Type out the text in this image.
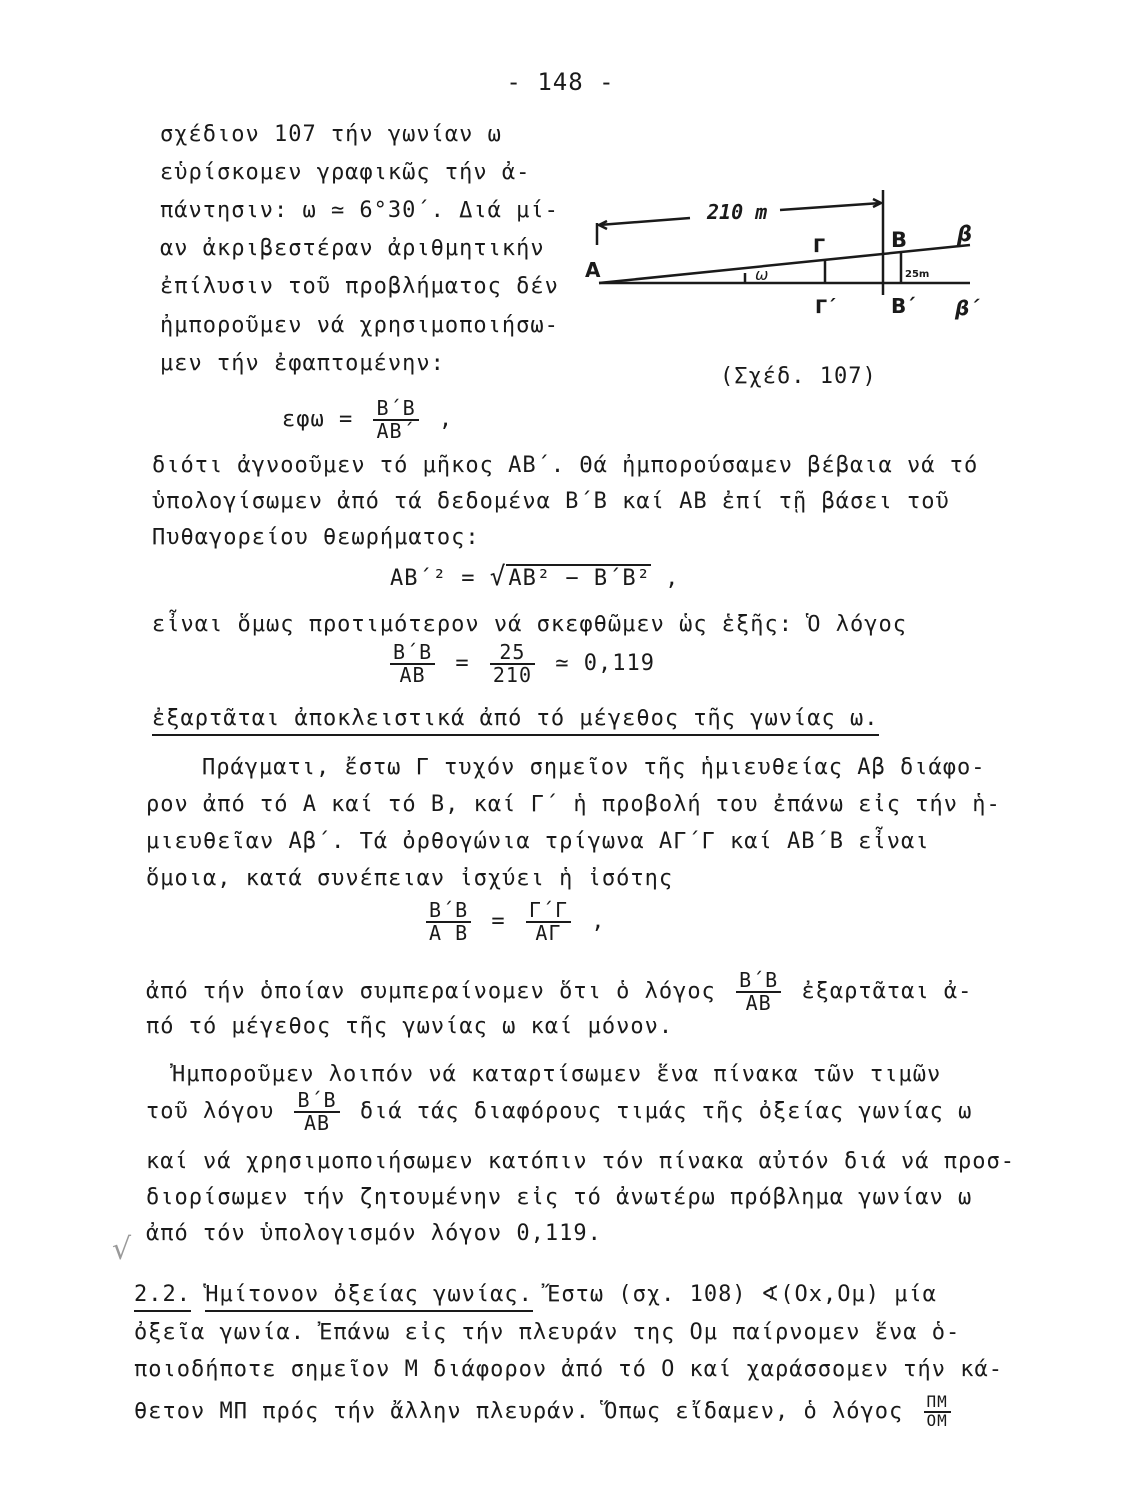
- 148 -
σχέδιον 107 τήν γωνίαν ω
εὑρίσκομεν γραφικῶς τήν ἀ-
πάντησιν: ω ≃ 6°30΄. Διά μί-
αν ἀκριβεστέραν ἀριθμητικήν
ἐπίλυσιν τοῦ προβλήματος δέν
ἠμποροῦμεν νά χρησιμοποιήσω-
μεν τήν ἐφαπτομένην:
210 m
A
Γ	B β
ω	25m
Γ΄	B΄ β΄
(Σχέδ. 107)
$\varepsilon\varphi\omega = \frac{B΄B}{AB΄}$ ,
διότι ἀγνοοῦμεν τό μῆκος AB΄. Θά ἠμπορούσαμεν βέβαια νά τό
ὑπολογίσωμεν ἀπό τά δεδομένα B΄B καί AB ἐπί τῇ βάσει τοῦ
Πυθαγορείου θεωρήματος:
AB΄² = √AB² − B΄B² ,
εἶναι ὅμως προτιμότερον νά σκεφθῶμεν ὡς ἑξῆς: Ὁ λόγος
$\frac{B΄B}{AB} = \frac{25}{210}$ ≃ 0,119
ἐξαρτᾶται ἀποκλειστικά ἀπό τό μέγεθος τῆς γωνίας ω.
Πράγματι, ἔστω Γ τυχόν σημεῖον τῆς ἡμιευθείας Aβ διάφο-
ρον ἀπό τό A καί τό B, καί Γ΄ ἡ προβολή του ἐπάνω εἰς τήν ἡ-
μιευθεῖαν Aβ΄. Τά ὀρθογώνια τρίγωνα AΓ΄Γ καί AB΄B εἶναι
ὅμοια, κατά συνέπειαν ἰσχύει ἡ ἰσότης
$\frac{B΄B}{\text{A B}} = \frac{\Gamma΄\Gamma}{A\Gamma}$ ,
ἀπό τήν ὁποίαν συμπεραίνομεν ὅτι ὁ λόγος $\frac{B΄B}{AB}$ ἐξαρτᾶται ἀ-
πό τό μέγεθος τῆς γωνίας ω καί μόνον.
Ἠμποροῦμεν λοιπόν νά καταρτίσωμεν ἕνα πίνακα τῶν τιμῶν
τοῦ λόγου $\frac{B΄B}{AB}$ διά τάς διαφόρους τιμάς τῆς ὀξείας γωνίας ω
καί νά χρησιμοποιήσωμεν κατόπιν τόν πίνακα αὐτόν διά νά προσ-
διορίσωμεν τήν ζητουμένην εἰς τό ἀνωτέρω πρόβλημα γωνίαν ω
ἀπό τόν ὑπολογισμόν λόγον 0,119.
2.2. Ἡμίτονον ὀξείας γωνίας. Ἔστω (σχ. 108) ∢(Ox,Oμ) μία
ὀξεῖα γωνία. Ἐπάνω εἰς τήν πλευράν της Oμ παίρνομεν ἕνα ὁ-
ποιοδήποτε σημεῖον M διάφορον ἀπό τό O καί χαράσσομεν τήν κά-
θετον MΠ πρός τήν ἄλλην πλευράν. Ὅπως εἴδαμεν, ὁ λόγος $\frac{\Pi M}{OM}$
√
